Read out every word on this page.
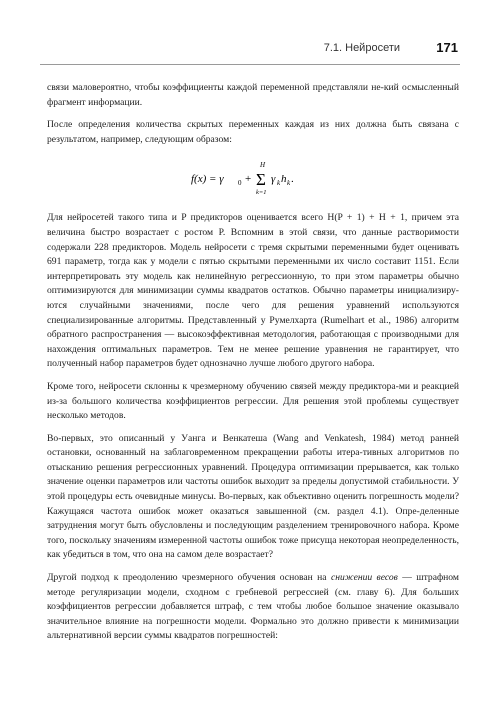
7.1. Нейросети	171

связи маловероятно, чтобы коэффициенты каждой переменной представляли не-кий осмысленный фрагмент информации.

После определения количества скрытых переменных каждая из них должна быть связана с результатом, например, следующим образом:

f(x) = γ 0 + Σ
H
k=1
γ k h k .

Для нейросетей такого типа и P предикторов оценивается всего H(P + 1) + H + 1, причем эта величина быстро возрастает с ростом P. Вспомним в этой связи, что данные растворимости содержали 228 предикторов. Модель нейросети с тремя скрытыми переменными будет оценивать 691 параметр, тогда как у модели с пятью скрытыми переменными их число составит 1151. Если интерпретировать эту модель как нелинейную регрессионную, то при этом параметры обычно оптимизируются для минимизации суммы квадратов остатков. Обычно параметры инициализиру-ются случайными значениями, после чего для решения уравнений используются специализированные алгоритмы. Представленный у Румелхарта (Rumelhart et al., 1986) алгоритм обратного распространения — высокоэффективная методология, работающая с производными для нахождения оптимальных параметров. Тем не менее решение уравнения не гарантирует, что полученный набор параметров будет однозначно лучше любого другого набора.

Кроме того, нейросети склонны к чрезмерному обучению связей между предиктора-ми и реакцией из-за большого количества коэффициентов регрессии. Для решения этой проблемы существует несколько методов.

Во-первых, это описанный у Уанга и Венкатеша (Wang and Venkatesh, 1984) метод ранней остановки, основанный на заблаговременном прекращении работы итера-тивных алгоритмов по отысканию решения регрессионных уравнений. Процедура оптимизации прерывается, как только значение оценки параметров или частоты ошибок выходит за пределы допустимой стабильности. У этой процедуры есть очевидные минусы. Во-первых, как объективно оценить погрешность модели? Кажущаяся частота ошибок может оказаться завышенной (см. раздел 4.1). Опре-деленные затруднения могут быть обусловлены и последующим разделением тренировочного набора. Кроме того, поскольку значениям измеренной частоты ошибок тоже присуща некоторая неопределенность, как убедиться в том, что она на самом деле возрастает?

Другой подход к преодолению чрезмерного обучения основан на снижении весов — штрафном методе регуляризации модели, сходном с гребневой регрессией (см. главу 6). Для больших коэффициентов регрессии добавляется штраф, с тем чтобы любое большое значение оказывало значительное влияние на погрешности модели. Формально это должно привести к минимизации альтернативной версии суммы квадратов погрешностей:
